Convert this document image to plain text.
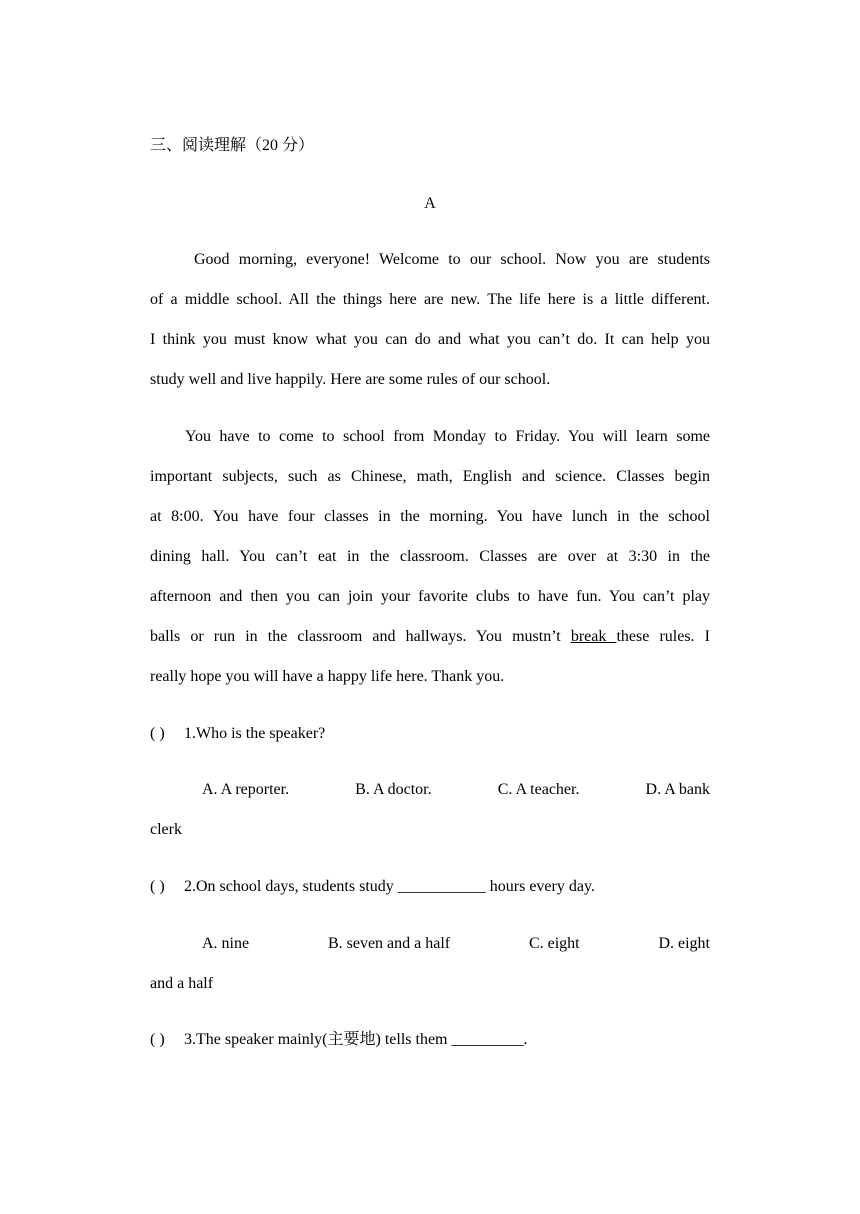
三、阅读理解（20 分）
A
Good morning, everyone! Welcome to our school. Now you are students
of a middle school. All the things here are new. The life here is a little different.
I think you must know what you can do and what you can’t do. It can help you
study well and live happily. Here are some rules of our school.
You have to come to school from Monday to Friday. You will learn some
important subjects, such as Chinese, math, English and science. Classes begin
at 8:00. You have four classes in the morning. You have lunch in the school
dining hall. You can’t eat in the classroom. Classes are over at 3:30 in the
afternoon and then you can join your favorite clubs to have fun. You can’t play
balls or run in the classroom and hallways. You mustn’t break these rules. I
really hope you will have a happy life here. Thank you.
( )	1.Who is the speaker?
A. A reporter.	B. A doctor.	C. A teacher.	D. A bank
clerk
( )	2.On school days, students study ___________ hours every day.
A. nine	B. seven and a half	C. eight	D. eight
and a half
( )	3.The speaker mainly(主要地) tells them _________.
